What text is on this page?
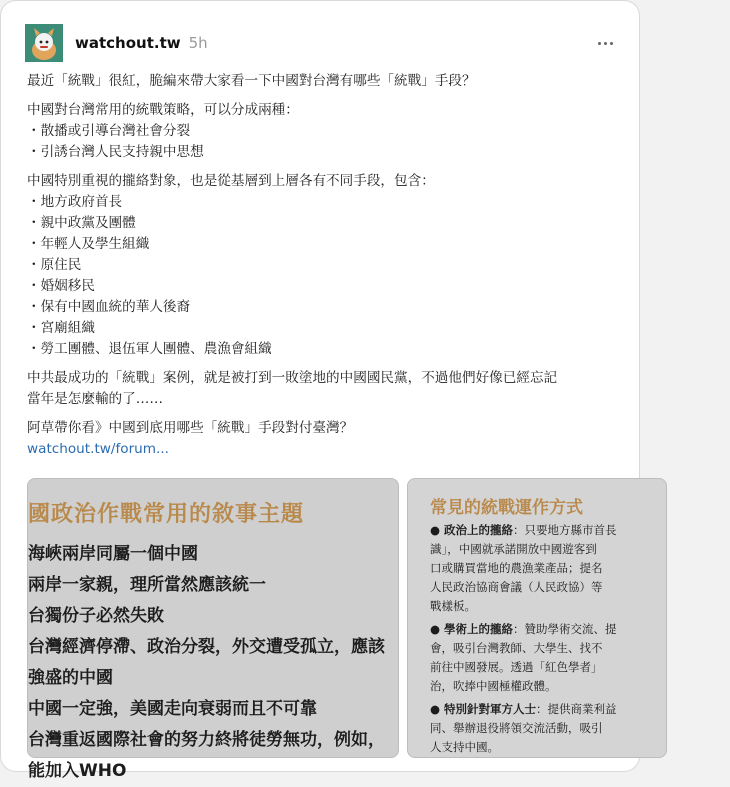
watchout.tw 5h
最近「統戰」很紅，脆編來帶大家看一下中國對台灣有哪些「統戰」手段？
中國對台灣常用的統戰策略，可以分成兩種：
・散播或引導台灣社會分裂
・引誘台灣人民支持親中思想
中國特別重視的攏絡對象，也是從基層到上層各有不同手段，包含：
・地方政府首長
・親中政黨及團體
・年輕人及學生組織
・原住民
・婚姻移民
・保有中國血統的華人後裔
・宮廟組織
・勞工團體、退伍軍人團體、農漁會組織
中共最成功的「統戰」案例，就是被打到一敗塗地的中國國民黨，不過他們好像已經忘記
當年是怎麼輸的了……
阿草帶你看》中國到底用哪些「統戰」手段對付臺灣？
watchout.tw/forum...
國政治作戰常用的敘事主題
海峽兩岸同屬一個中國
兩岸一家親，理所當然應該統一
台獨份子必然失敗
台灣經濟停滯、政治分裂，外交遭受孤立，應該
強盛的中國
中國一定強，美國走向衰弱而且不可靠
台灣重返國際社會的努力終將徒勞無功，例如，
能加入WHO
常見的統戰運作方式
● 政治上的攏絡：只要地方縣市首長
識」，中國就承諾開放中國遊客到
口或購買當地的農漁業產品；提名
人民政治協商會議（人民政協）等
戰樣板。
● 學術上的攏絡：贊助學術交流、提
會，吸引台灣教師、大學生、找不
前往中國發展。透過「紅色學者」
治，吹捧中國極權政體。
● 特別針對軍方人士：提供商業利益
同、舉辦退役將領交流活動，吸引
人支持中國。
